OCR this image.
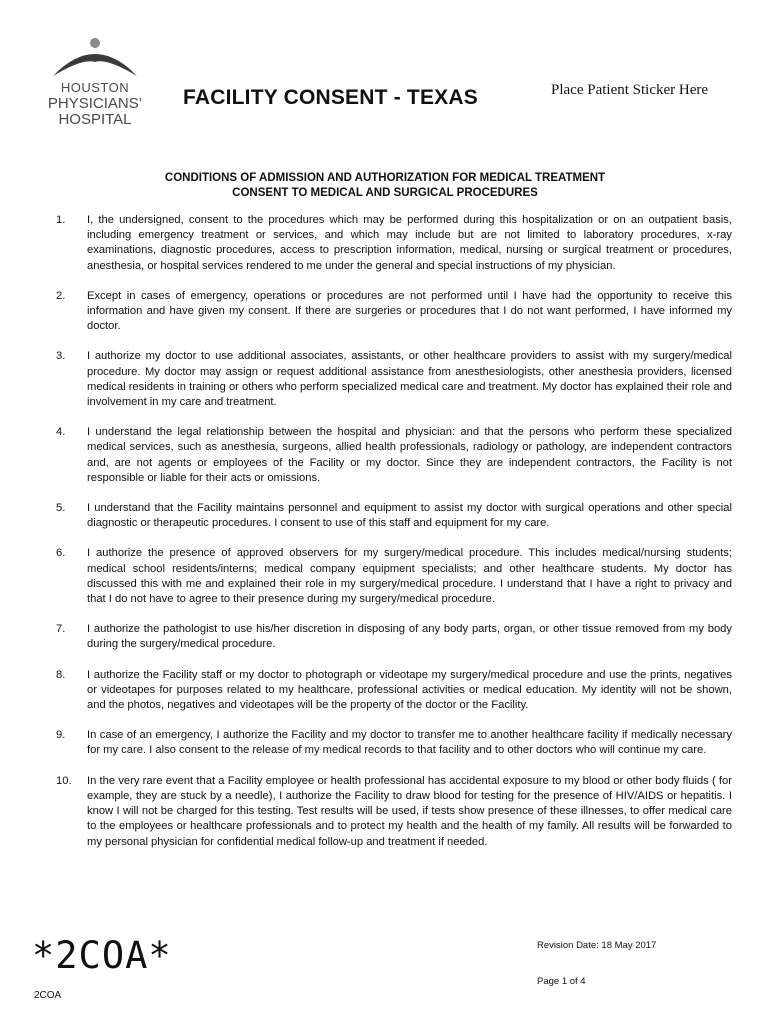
HOUSTON
PHYSICIANS’
HOSPITAL
FACILITY CONSENT - TEXAS	Place Patient Sticker Here
CONDITIONS OF ADMISSION AND AUTHORIZATION FOR MEDICAL TREATMENT
CONSENT TO MEDICAL AND SURGICAL PROCEDURES
1.	I, the undersigned, consent to the procedures which may be performed during this hospitalization or on an outpatient basis, including emergency treatment or services, and which may include but are not limited to laboratory procedures, x-ray examinations, diagnostic procedures, access to prescription information, medical, nursing or surgical treatment or procedures, anesthesia, or hospital services rendered to me under the general and special instructions of my physician.
2.	Except in cases of emergency, operations or procedures are not performed until I have had the opportunity to receive this information and have given my consent. If there are surgeries or procedures that I do not want performed, I have informed my doctor.
3.	I authorize my doctor to use additional associates, assistants, or other healthcare providers to assist with my surgery/medical procedure. My doctor may assign or request additional assistance from anesthesiologists, other anesthesia providers, licensed medical residents in training or others who perform specialized medical care and treatment. My doctor has explained their role and involvement in my care and treatment.
4.	I understand the legal relationship between the hospital and physician: and that the persons who perform these specialized medical services, such as anesthesia, surgeons, allied health professionals, radiology or pathology, are independent contractors and, are not agents or employees of the Facility or my doctor. Since they are independent contractors, the Facility is not responsible or liable for their acts or omissions.
5.	I understand that the Facility maintains personnel and equipment to assist my doctor with surgical operations and other special diagnostic or therapeutic procedures. I consent to use of this staff and equipment for my care.
6.	I authorize the presence of approved observers for my surgery/medical procedure. This includes medical/nursing students; medical school residents/interns; medical company equipment specialists; and other healthcare students. My doctor has discussed this with me and explained their role in my surgery/medical procedure. I understand that I have a right to privacy and that I do not have to agree to their presence during my surgery/medical procedure.
7.	I authorize the pathologist to use his/her discretion in disposing of any body parts, organ, or other tissue removed from my body during the surgery/medical procedure.
8.	I authorize the Facility staff or my doctor to photograph or videotape my surgery/medical procedure and use the prints, negatives or videotapes for purposes related to my healthcare, professional activities or medical education. My identity will not be shown, and the photos, negatives and videotapes will be the property of the doctor or the Facility.
9.	In case of an emergency, I authorize the Facility and my doctor to transfer me to another healthcare facility if medically necessary for my care. I also consent to the release of my medical records to that facility and to other doctors who will continue my care.
10.	In the very rare event that a Facility employee or health professional has accidental exposure to my blood or other body fluids ( for example, they are stuck by a needle), I authorize the Facility to draw blood for testing for the presence of HIV/AIDS or hepatitis. I know I will not be charged for this testing. Test results will be used, if tests show presence of these illnesses, to offer medical care to the employees or healthcare professionals and to protect my health and the health of my family. All results will be forwarded to my personal physician for confidential medical follow-up and treatment if needed.
*2COA*
2COA
Revision Date: 18 May 2017
Page 1 of 4
